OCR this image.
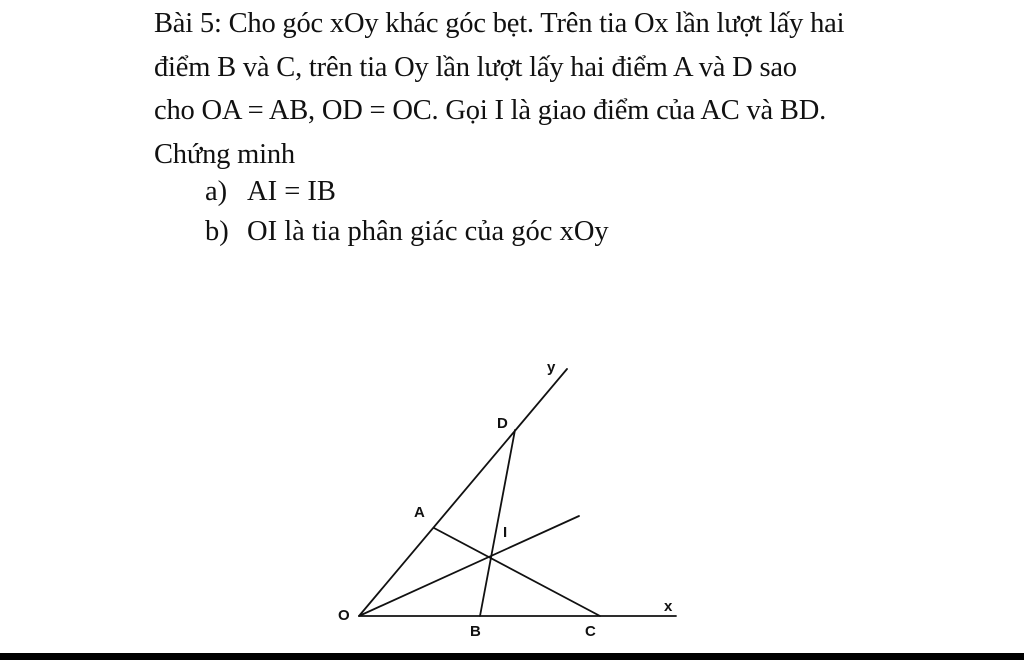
Bài 5: Cho góc xOy khác góc bẹt. Trên tia Ox lần lượt lấy hai
điểm B và C, trên tia Oy lần lượt lấy hai điểm A và D sao
cho OA = AB, OD = OC. Gọi I là giao điểm của AC và BD.
Chứng minh
a) AI = IB
b) OI là tia phân giác của góc xOy
O
A
B	C
D
I
x
y
